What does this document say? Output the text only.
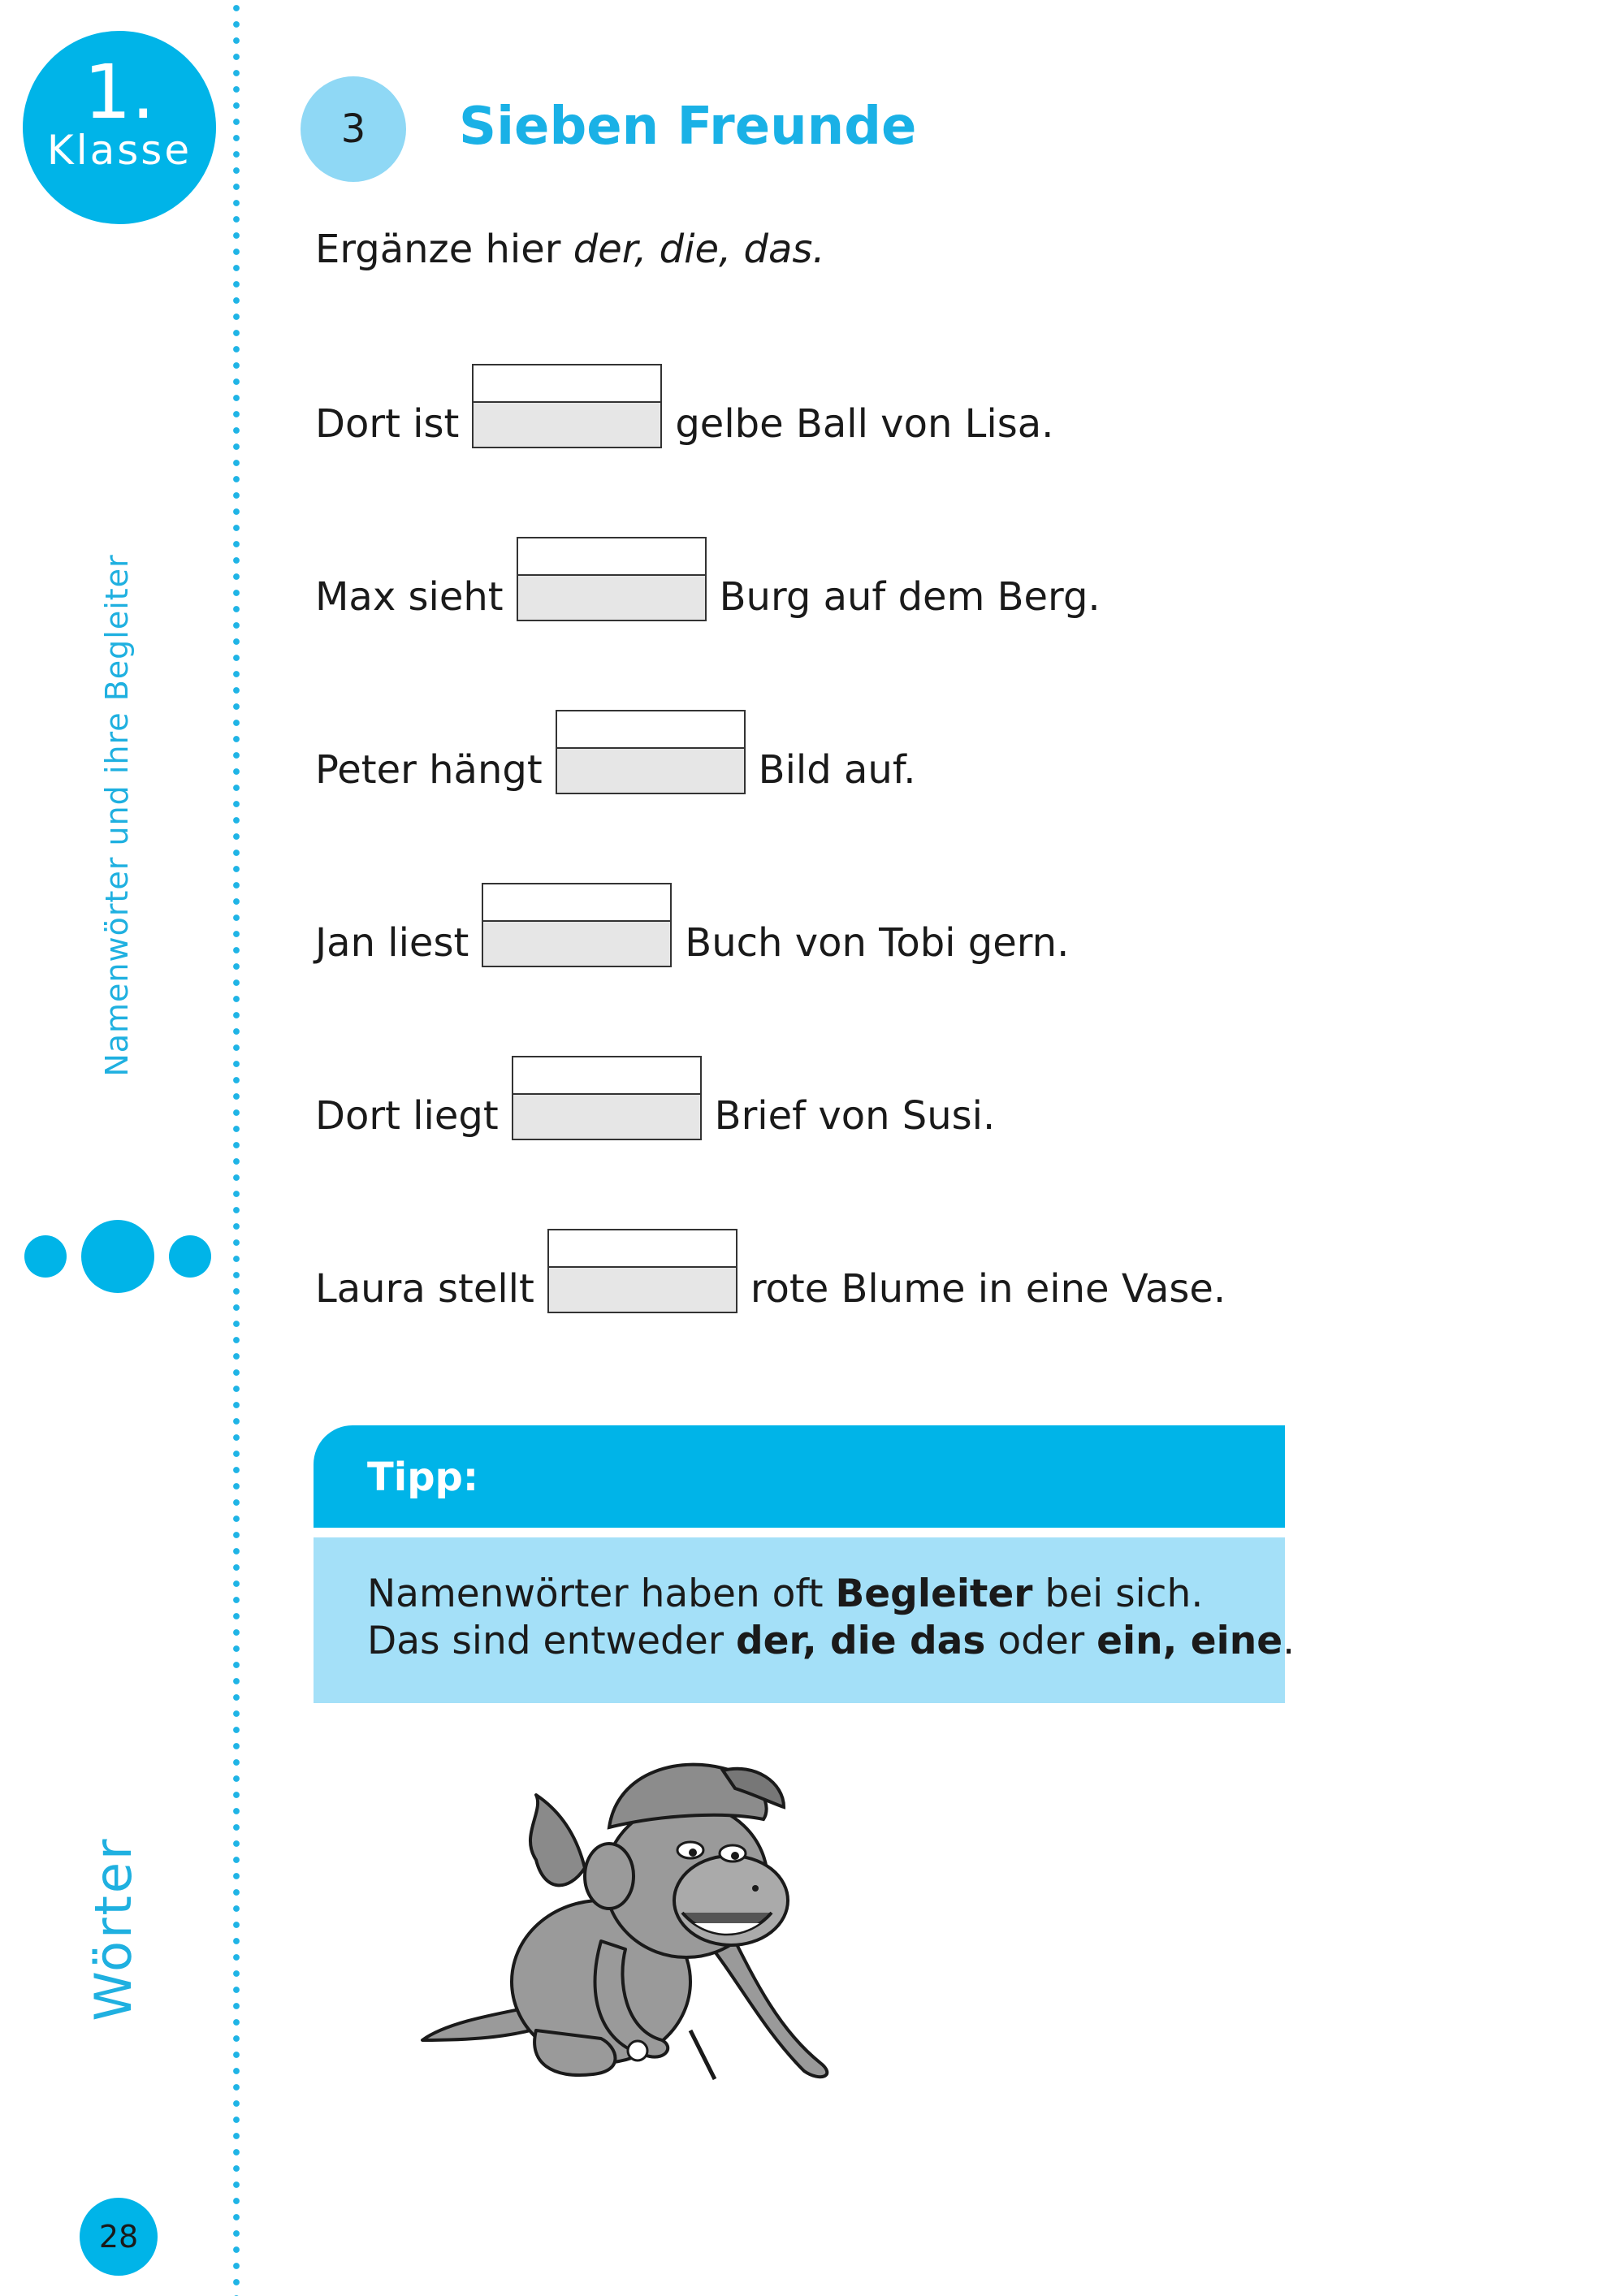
1.
Klasse
Namenwörter und ihre Begleiter
Wörter
28
3	Sieben Freunde
Ergänze hier der, die, das.
Dort ist	gelbe Ball von Lisa.
Max sieht	Burg auf dem Berg.
Peter hängt	Bild auf.
Jan liest	Buch von Tobi gern.
Dort liegt	Brief von Susi.
Laura stellt	rote Blume in eine Vase.
Tipp:

Namenwörter haben oft Begleiter bei sich.

Das sind entweder der, die das oder ein, eine.
